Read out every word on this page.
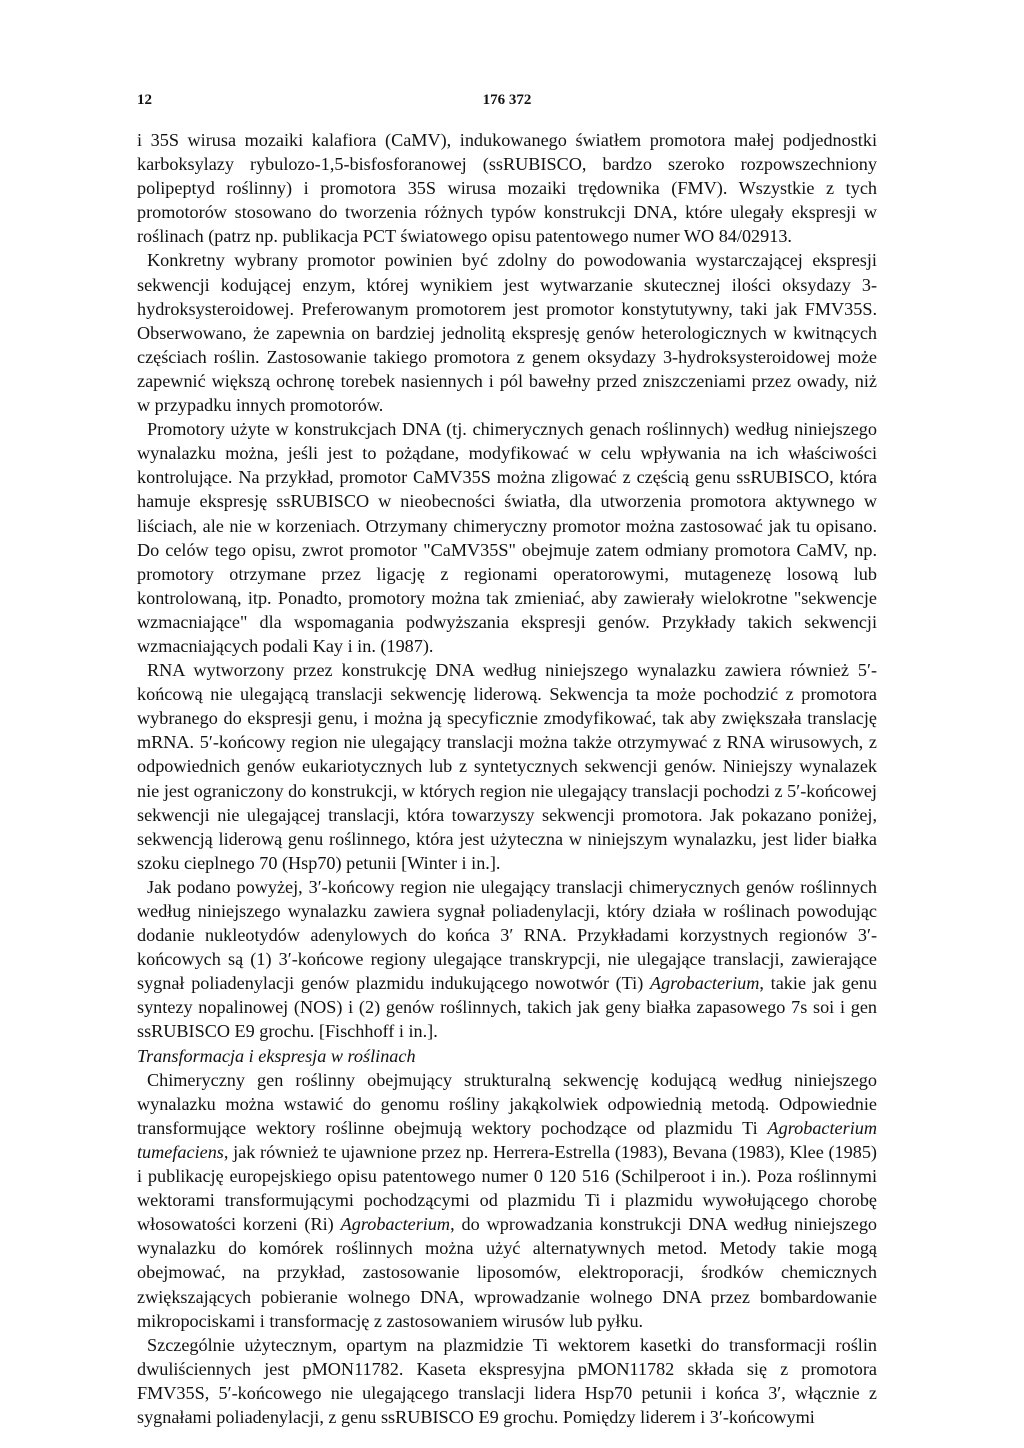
12	176 372

i 35S wirusa mozaiki kalafiora (CaMV), indukowanego światłem promotora małej podjednostki karboksylazy rybulozo-1,5-bisfosforanowej (ssRUBISCO, bardzo szeroko rozpowszechniony polipeptyd roślinny) i promotora 35S wirusa mozaiki trędownika (FMV). Wszystkie z tych promotorów stosowano do tworzenia różnych typów konstrukcji DNA, które ulegały ekspresji w roślinach (patrz np. publikacja PCT światowego opisu patentowego numer WO 84/02913.

Konkretny wybrany promotor powinien być zdolny do powodowania wystarczającej ekspresji sekwencji kodującej enzym, której wynikiem jest wytwarzanie skutecznej ilości oksydazy 3-hydroksysteroidowej. Preferowanym promotorem jest promotor konstytutywny, taki jak FMV35S. Obserwowano, że zapewnia on bardziej jednolitą ekspresję genów heterologicznych w kwitnących częściach roślin. Zastosowanie takiego promotora z genem oksydazy 3-hydroksysteroidowej może zapewnić większą ochronę torebek nasiennych i pól bawełny przed zniszczeniami przez owady, niż w przypadku innych promotorów.

Promotory użyte w konstrukcjach DNA (tj. chimerycznych genach roślinnych) według niniejszego wynalazku można, jeśli jest to pożądane, modyfikować w celu wpływania na ich właściwości kontrolujące. Na przykład, promotor CaMV35S można zligować z częścią genu ssRUBISCO, która hamuje ekspresję ssRUBISCO w nieobecności światła, dla utworzenia promotora aktywnego w liściach, ale nie w korzeniach. Otrzymany chimeryczny promotor można zastosować jak tu opisano. Do celów tego opisu, zwrot promotor "CaMV35S" obejmuje zatem odmiany promotora CaMV, np. promotory otrzymane przez ligację z regionami operatorowymi, mutagenezę losową lub kontrolowaną, itp. Ponadto, promotory można tak zmieniać, aby zawierały wielokrotne "sekwencje wzmacniające" dla wspomagania podwyższania ekspresji genów. Przykłady takich sekwencji wzmacniających podali Kay i in. (1987).

RNA wytworzony przez konstrukcję DNA według niniejszego wynalazku zawiera również 5′-końcową nie ulegającą translacji sekwencję liderową. Sekwencja ta może pochodzić z promotora wybranego do ekspresji genu, i można ją specyficznie zmodyfikować, tak aby zwiększała translację mRNA. 5′-końcowy region nie ulegający translacji można także otrzymywać z RNA wirusowych, z odpowiednich genów eukariotycznych lub z syntetycznych sekwencji genów. Niniejszy wynalazek nie jest ograniczony do konstrukcji, w których region nie ulegający translacji pochodzi z 5′-końcowej sekwencji nie ulegającej translacji, która towarzyszy sekwencji promotora. Jak pokazano poniżej, sekwencją liderową genu roślinnego, która jest użyteczna w niniejszym wynalazku, jest lider białka szoku cieplnego 70 (Hsp70) petunii [Winter i in.].

Jak podano powyżej, 3′-końcowy region nie ulegający translacji chimerycznych genów roślinnych według niniejszego wynalazku zawiera sygnał poliadenylacji, który działa w roślinach powodując dodanie nukleotydów adenylowych do końca 3′ RNA. Przykładami korzystnych regionów 3′-końcowych są (1) 3′-końcowe regiony ulegające transkrypcji, nie ulegające translacji, zawierające sygnał poliadenylacji genów plazmidu indukującego nowotwór (Ti) Agrobacterium, takie jak genu syntezy nopalinowej (NOS) i (2) genów roślinnych, takich jak geny białka zapasowego 7s soi i gen ssRUBISCO E9 grochu. [Fischhoff i in.].

Transformacja i ekspresja w roślinach

Chimeryczny gen roślinny obejmujący strukturalną sekwencję kodującą według niniejszego wynalazku można wstawić do genomu rośliny jakąkolwiek odpowiednią metodą. Odpowiednie transformujące wektory roślinne obejmują wektory pochodzące od plazmidu Ti Agrobacterium tumefaciens, jak również te ujawnione przez np. Herrera-Estrella (1983), Bevana (1983), Klee (1985) i publikację europejskiego opisu patentowego numer 0 120 516 (Schilperoot i in.). Poza roślinnymi wektorami transformującymi pochodzącymi od plazmidu Ti i plazmidu wywołującego chorobę włosowatości korzeni (Ri) Agrobacterium, do wprowadzania konstrukcji DNA według niniejszego wynalazku do komórek roślinnych można użyć alternatywnych metod. Metody takie mogą obejmować, na przykład, zastosowanie liposomów, elektroporacji, środków chemicznych zwiększających pobieranie wolnego DNA, wprowadzanie wolnego DNA przez bombardowanie mikropociskami i transformację z zastosowaniem wirusów lub pyłku.

Szczególnie użytecznym, opartym na plazmidzie Ti wektorem kasetki do transformacji roślin dwuliściennych jest pMON11782. Kaseta ekspresyjna pMON11782 składa się z promotora FMV35S, 5′-końcowego nie ulegającego translacji lidera Hsp70 petunii i końca 3′, włącznie z sygnałami poliadenylacji, z genu ssRUBISCO E9 grochu. Pomiędzy liderem i 3′-końcowymi
